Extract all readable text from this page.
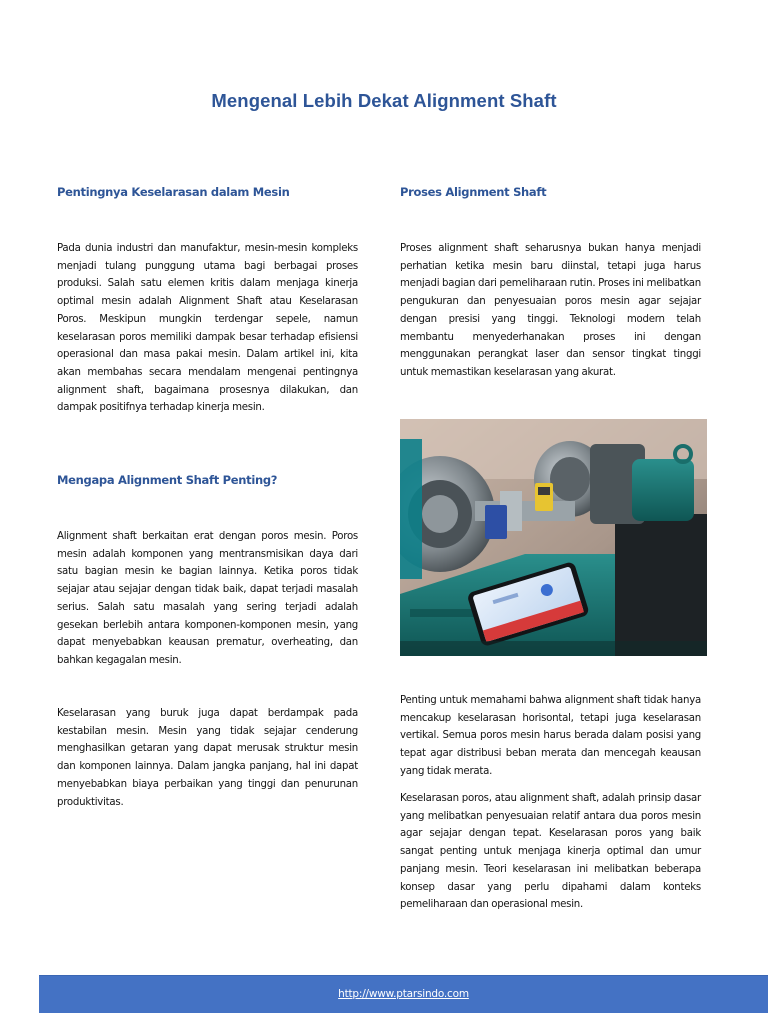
Mengenal Lebih Dekat Alignment Shaft
Pentingnya Keselarasan dalam Mesin

Pada dunia industri dan manufaktur, mesin-mesin kompleks menjadi tulang punggung utama bagi berbagai proses produksi. Salah satu elemen kritis dalam menjaga kinerja optimal mesin adalah Alignment Shaft atau Keselarasan Poros. Meskipun mungkin terdengar sepele, namun keselarasan poros memiliki dampak besar terhadap efisiensi operasional dan masa pakai mesin. Dalam artikel ini, kita akan membahas secara mendalam mengenai pentingnya alignment shaft, bagaimana prosesnya dilakukan, dan dampak positifnya terhadap kinerja mesin.

Mengapa Alignment Shaft Penting?

Alignment shaft berkaitan erat dengan poros mesin. Poros mesin adalah komponen yang mentransmisikan daya dari satu bagian mesin ke bagian lainnya. Ketika poros tidak sejajar atau sejajar dengan tidak baik, dapat terjadi masalah serius. Salah satu masalah yang sering terjadi adalah gesekan berlebih antara komponen-komponen mesin, yang dapat menyebabkan keausan prematur, overheating, dan bahkan kegagalan mesin.

Keselarasan yang buruk juga dapat berdampak pada kestabilan mesin. Mesin yang tidak sejajar cenderung menghasilkan getaran yang dapat merusak struktur mesin dan komponen lainnya. Dalam jangka panjang, hal ini dapat menyebabkan biaya perbaikan yang tinggi dan penurunan produktivitas.

Proses Alignment Shaft

Proses alignment shaft seharusnya bukan hanya menjadi perhatian ketika mesin baru diinstal, tetapi juga harus menjadi bagian dari pemeliharaan rutin. Proses ini melibatkan pengukuran dan penyesuaian poros mesin agar sejajar dengan presisi yang tinggi. Teknologi modern telah membantu menyederhanakan proses ini dengan menggunakan perangkat laser dan sensor tingkat tinggi untuk memastikan keselarasan yang akurat.

Penting untuk memahami bahwa alignment shaft tidak hanya mencakup keselarasan horisontal, tetapi juga keselarasan vertikal. Semua poros mesin harus berada dalam posisi yang tepat agar distribusi beban merata dan mencegah keausan yang tidak merata.

Keselarasan poros, atau alignment shaft, adalah prinsip dasar yang melibatkan penyesuaian relatif antara dua poros mesin agar sejajar dengan tepat. Keselarasan poros yang baik sangat penting untuk menjaga kinerja optimal dan umur panjang mesin. Teori keselarasan ini melibatkan beberapa konsep dasar yang perlu dipahami dalam konteks pemeliharaan dan operasional mesin.

http://www.ptarsindo.com
